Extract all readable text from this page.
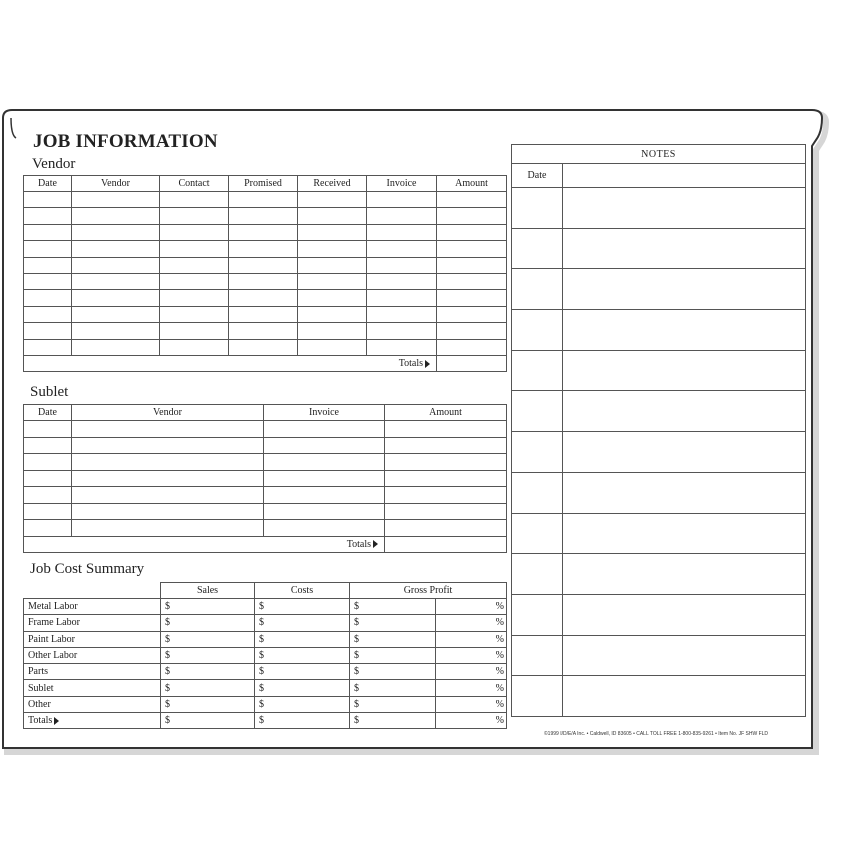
JOB INFORMATION
Vendor
Date	Vendor	Contact	Promised	Received	Invoice	Amount

Totals						
Sublet
Date	Vendor	Invoice	Amount

Totals			
Job Cost Summary
	Sales	Costs	Gross Profit	
Metal Labor	$	$	$	%
Frame Labor	$	$	$	%
Paint Labor	$	$	$	%
Other Labor	$	$	$	%
Parts	$	$	$	%
Sublet	$	$	$	%
Other	$	$	$	%
Totals	$	$	$	%
NOTES	
Date	

©1999 I/D/E/A Inc. • Caldwell, ID 83605 • CALL TOLL FREE 1-800-835-9261 • Item No. JF SHW FLD
